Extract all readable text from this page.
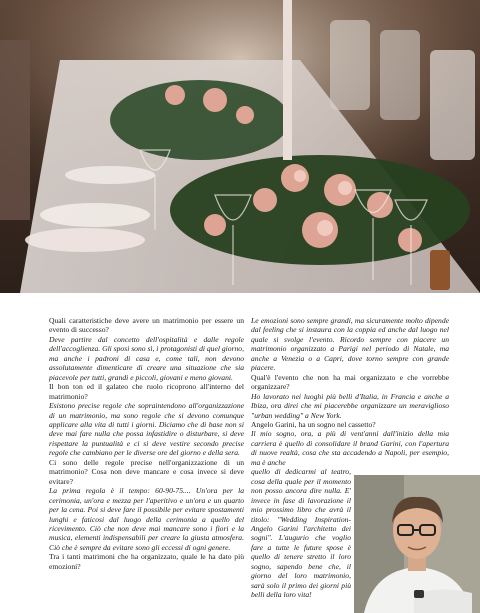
Quali caratteristiche deve avere un matrimonio per essere un evento di successo?

Deve partire dal concetto dell'ospitalità e dalle regole dell'accoglienza. Gli sposi sono sì, i protagonisti di quel giorno, ma anche i padroni di casa e, come tali, non devono assolutamente dimenticare di creare una situazione che sia piacevole per tutti, grandi e piccoli, giovani e meno giovani.

Il bon ton ed il galateo che ruolo ricoprono all'interno del matrimonio?

Esistono precise regole che sopraintendono all'organizzazione di un matrimonio, ma sono regole che si devono comunque applicare alla vita di tutti i giorni. Diciamo che di base non si deve mai fare nulla che possa infastidire o disturbare, si deve rispettare la puntualità e ci si deve vestire secondo precise regole che cambiano per le diverse ore del giorno e della sera.

Ci sono delle regole precise nell'organizzazione di un matrimonio? Cosa non deve mancare e cosa invece si deve evitare?

La prima regola è il tempo: 60-90-75.... Un'ora per la cerimonia, un'ora e mezza per l'aperitivo e un'ora e un quarto per la cena. Poi si deve fare il possibile per evitare spostamenti lunghi e faticosi dal luogo della cerimonia a quello del ricevimento. Ciò che non deve mai mancare sono i fiori e la musica, elementi indispensabili per creare la giusta atmosfera. Ciò che è sempre da evitare sono gli eccessi di ogni genere.

Tra i tanti matrimoni che ha organizzato, quale le ha dato più emozioni?

Le emozioni sono sempre grandi, ma sicuramente molto dipende dal feeling che si instaura con la coppia ed anche dal luogo nel quale si svolge l'evento. Ricordo sempre con piacere un matrimonio organizzato a Parigi nel periodo di Natale, ma anche a Venezia o a Capri, dove torno sempre con grande piacere.

Qual'è l'evento che non ha mai organizzato e che vorrebbe organizzare?

Ho lavorato nei luoghi più belli d'Italia, in Francia e anche a Ibiza, ora direi che mi piacerebbe organizzare un meraviglioso "urban wedding" a New York.

Angelo Garini, ha un sogno nel cassetto?

Il mio sogno, ora, a più di vent'anni dall'inizio della mia carriera è quello di consolidare il brand Garini, con l'apertura di nuove realtà, cosa che sta accadendo a Napoli, per esempio, ma è anche

quello di dedicarmi al teatro, cosa della quale per il momento non posso ancora dire nulla. E' invece in fase di lavorazione il mio prossimo libro che avrà il titolo: "Wedding Inspiration-Angelo Garini l'architetto dei sogni". L'augurio che voglio fare a tutte le future spose è quello di tenere stretto il loro sogno, sapendo bene che, il giorno del loro matrimonio, sarà solo il primo dei giorni più belli della loro vita!
